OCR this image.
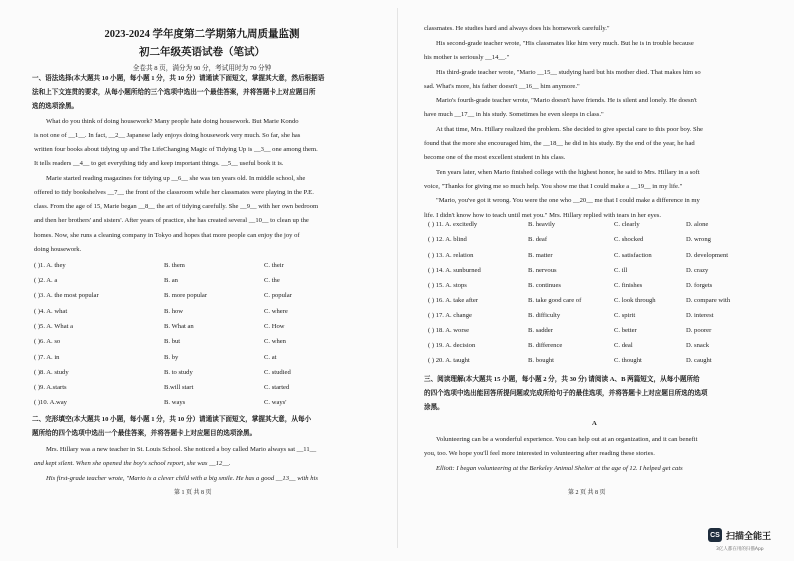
2023-2024 学年度第二学期第九周质量监测
初二年级英语试卷（笔试）
全卷共 8 页，满分为 90 分，考试用时为 70 分钟
一、语法选择(本大题共 10 小题，每小题 1 分，共 10 分）请通读下面短文，掌握其大意，然后根据语
法和上下文连贯的要求，从每小题所给的三个选项中选出一个最佳答案，并将答题卡上对应题目所
选的选项涂黑。
What do you think of doing housework? Many people hate doing housework. But Marie Kondo
is not one of __1__. In fact, __2__ Japanese lady enjoys doing housework very much. So far, she has
written four books about tidying up and The LifeChanging Magic of Tidying Up is __3__ one among them.
It tells readers __4__ to get everything tidy and keep important things. __5__ useful book it is.
Marie started reading magazines for tidying up __6__ she was ten years old. In middle school, she
offered to tidy bookshelves __7__ the front of the classroom while her classmates were playing in the P.E.
class. From the age of 15, Marie began __8__ the art of tidying carefully. She __9__ with her own bedroom
and then her brothers' and sisters'. After years of practice, she has created several __10__ to clean up the
homes. Now, she runs a cleaning company in Tokyo and hopes that more people can enjoy the joy of
doing housework.
( )1. A. they	B. them	C. their
( )2. A. a	B. an	C. the
( )3. A. the most popular	B. more popular	C. popular
( )4. A. what	B. how	C. where
( )5. A. What a	B. What an	C. How
( )6. A. so	B. but	C. when
( )7. A. in	B. by	C. at
( )8. A. study	B. to study	C. studied
( )9. A.starts	B.will start	C. started
( )10. A.way	B. ways	C. ways'
二、完形填空(本大题共 10 小题，每小题 1 分，共 10 分）请通读下面短文，掌握其大意，从每小
题所给的四个选项中选出一个最佳答案，并将答题卡上对应题目的选项涂黑。
Mrs. Hillary was a new teacher in St. Louis School. She noticed a boy called Mario always sat __11__
and kept silent. When she opened the boy's school report, she was __12__.
His first-grade teacher wrote, "Mario is a clever child with a big smile. He has a good __13__ with his
第 1 页 共 8 页
classmates. He studies hard and always does his homework carefully."
His second-grade teacher wrote, "His classmates like him very much. But he is in trouble because
his mother is seriously __14__."
His third-grade teacher wrote, "Mario __15__ studying hard but his mother died. That makes him so
sad. What's more, his father doesn't __16__ him anymore."
Mario's fourth-grade teacher wrote, "Mario doesn't have friends. He is silent and lonely. He doesn't
have much __17__ in his study. Sometimes he even sleeps in class."
At that time, Mrs. Hillary realized the problem. She decided to give special care to this poor boy. She
found that the more she encouraged him, the __18__ he did in his study. By the end of the year, he had
become one of the most excellent student in his class.
Ten years later, when Mario finished college with the highest honor, he said to Mrs. Hillary in a soft
voice, "Thanks for giving me so much help. You show me that I could make a __19__ in my life."
"Mario, you've got it wrong. You were the one who __20__ me that I could make a difference in my
life. I didn't know how to teach until met you." Mrs. Hillary replied with tears in her eyes.
( ) 11. A. excitedly	B. heavily	C. clearly	D. alone
( ) 12. A. blind	B. deaf	C. shocked	D. wrong
( ) 13. A. relation	B. matter	C. satisfaction	D. development
( ) 14. A. sunburned	B. nervous	C. ill	D. crazy
( ) 15. A. stops	B. continues	C. finishes	D. forgets
( ) 16. A. take after	B. take good care of	C. look through	D. compare with
( ) 17. A. change	B. difficulty	C. spirit	D. interest
( ) 18. A. worse	B. sadder	C. better	D. poorer
( ) 19. A. decision	B. difference	C. deal	D. snack
( ) 20. A. taught	B. bought	C. thought	D. caught
三、阅读理解(本大题共 15 小题，每小题 2 分，共 30 分) 请阅读 A、B 两篇短文，从每小题所给
的四个选项中选出能回答所提问题或完成所给句子的最佳选项，并将答题卡上对应题目所选的选项
涂黑。
A
Volunteering can be a wonderful experience. You can help out at an organization, and it can benefit
you, too. We hope you'll feel more interested in volunteering after reading these stories.
Elliott: I began volunteering at the Berkeley Animal Shelter at the age of 12. I helped get cats
第 2 页 共 8 页
CS 扫描全能王
3亿人都在用的扫描App
